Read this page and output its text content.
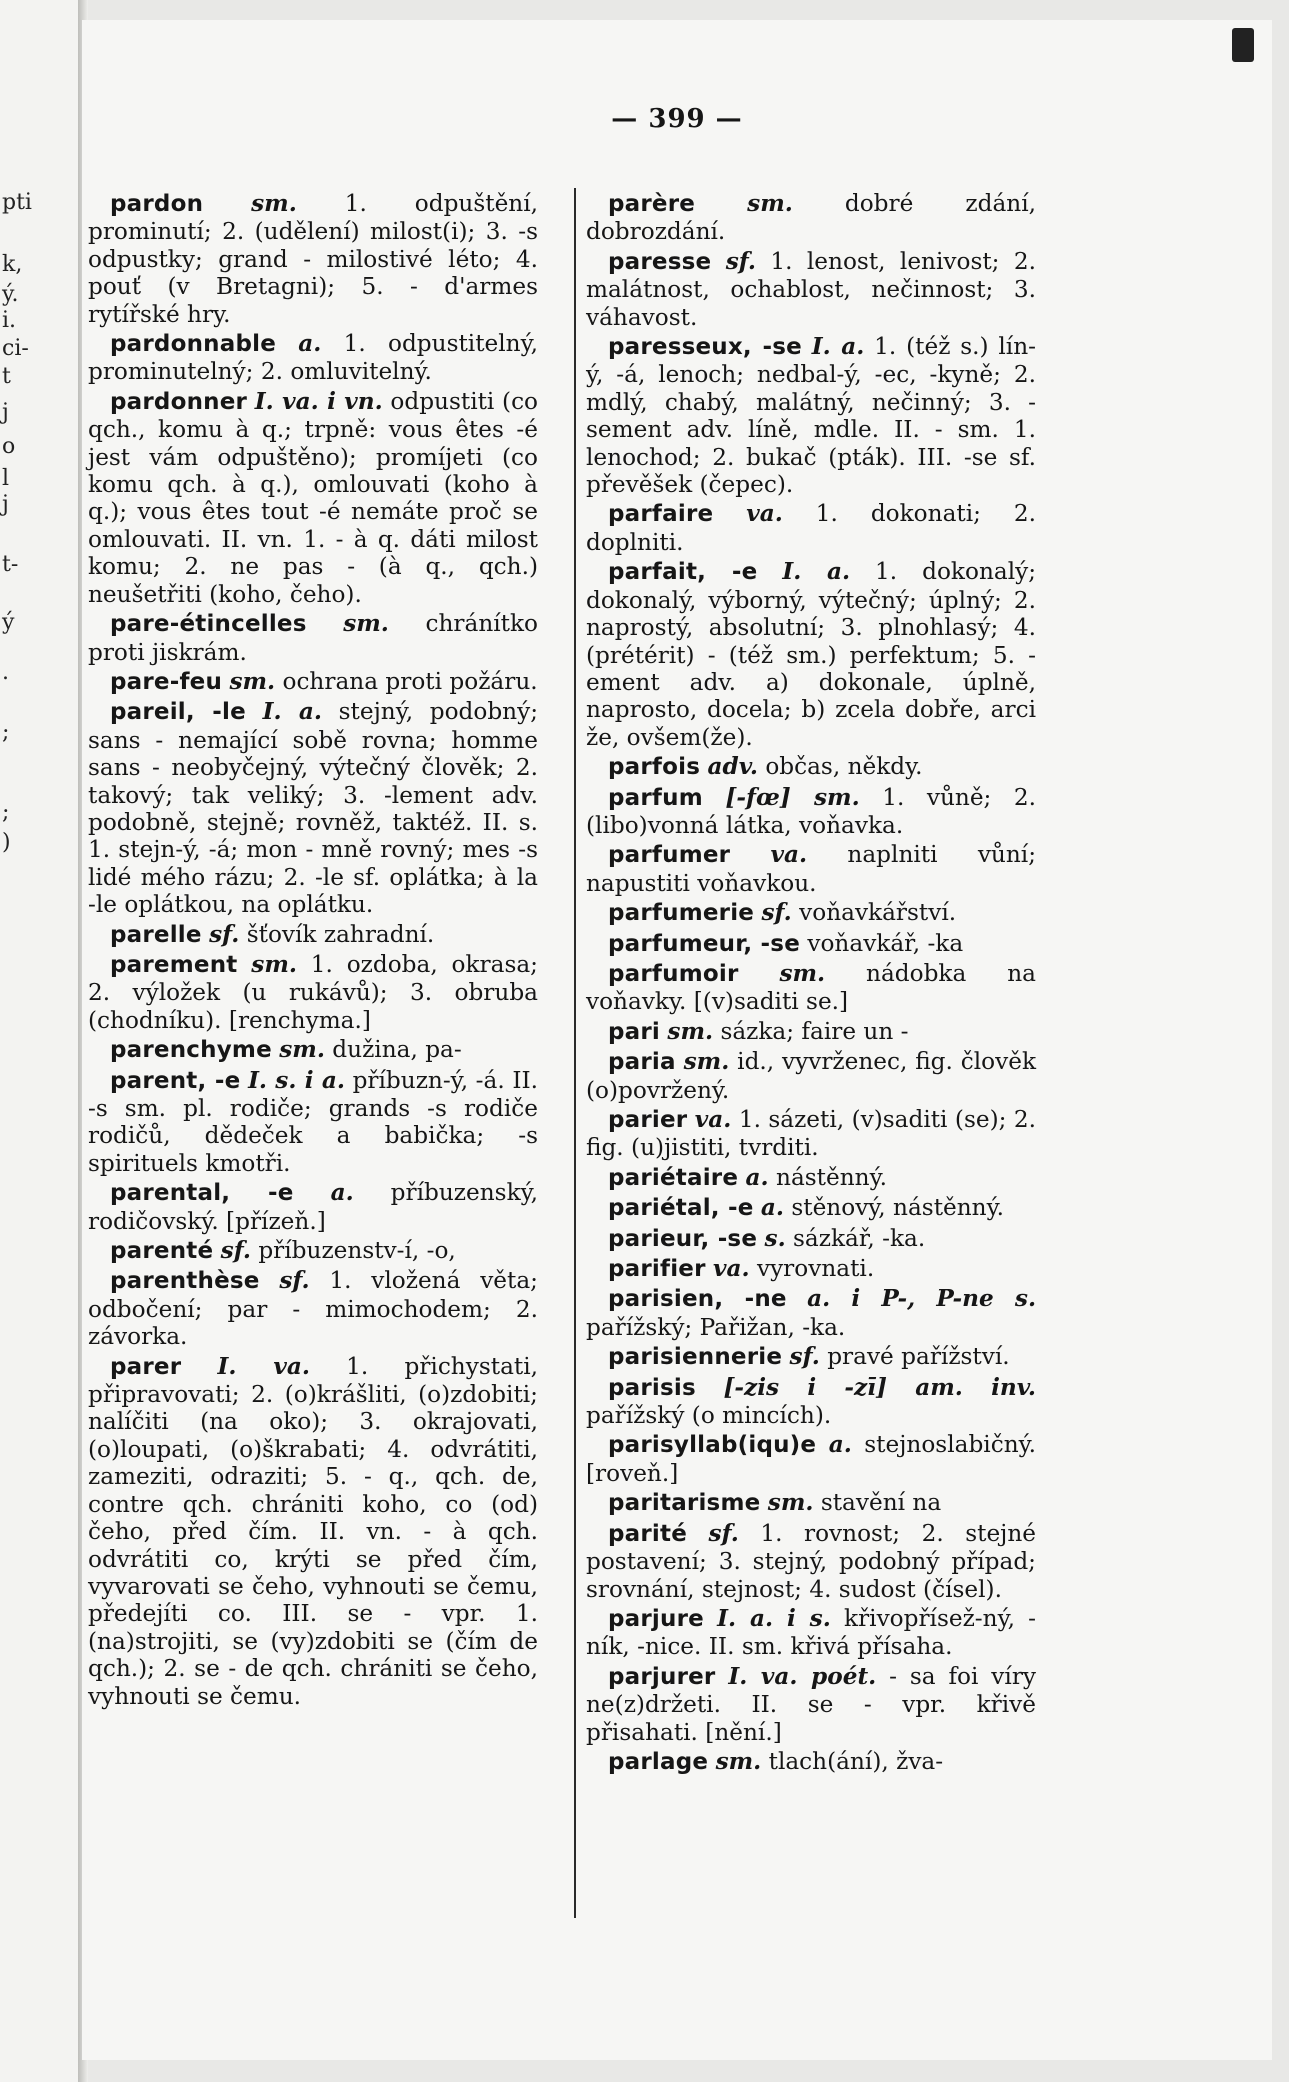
pti
k,
ý.
i.
ci-
t
j
o
l
j
t-
ý
.
;
;
)
— 399 —
pardon sm. 1. odpuštění, prominutí; 2. (udělení) milost(i); 3. -s odpustky; grand - milostivé léto; 4. pouť (v Bretagni); 5. - d'armes rytířské hry.
pardonnable a. 1. odpustitelný, prominutelný; 2. omluvitelný.
pardonner I. va. i vn. odpustiti (co qch., komu à q.; trpně: vous êtes -é jest vám odpuštěno); promíjeti (co komu qch. à q.), omlouvati (koho à q.); vous êtes tout -é nemáte proč se omlouvati. II. vn. 1. - à q. dáti milost komu; 2. ne pas - (à q., qch.) neušetřiti (koho, čeho).
pare-étincelles sm. chránítko proti jiskrám.
pare-feu sm. ochrana proti požáru.
pareil, -le I. a. stejný, podobný; sans - nemající sobě rovna; homme sans - neobyčejný, výtečný člověk; 2. takový; tak veliký; 3. -lement adv. podobně, stejně; rovněž, taktéž. II. s. 1. stejn-ý, -á; mon - mně rovný; mes -s lidé mého rázu; 2. -le sf. oplátka; à la -le oplátkou, na oplátku.
parelle sf. šťovík zahradní.
parement sm. 1. ozdoba, okrasa; 2. výložek (u rukávů); 3. obruba (chodníku). [renchyma.]
parenchyme sm. dužina, pa-
parent, -e I. s. i a. příbuzn-ý, -á. II. -s sm. pl. rodiče; grands -s rodiče rodičů, dědeček a babička; -s spirituels kmotři.
parental, -e a. příbuzenský, rodičovský. [přízeň.]
parenté sf. příbuzenstv-í, -o,
parenthèse sf. 1. vložená věta; odbočení; par - mimochodem; 2. závorka.
parer I. va. 1. přichystati, připravovati; 2. (o)krášliti, (o)zdobiti; nalíčiti (na oko); 3. okrajovati, (o)loupati, (o)škrabati; 4. odvrátiti, zameziti, odraziti; 5. - q., qch. de, contre qch. chrániti koho, co (od) čeho, před čím. II. vn. - à qch. odvrátiti co, krýti se před čím, vyvarovati se čeho, vyhnouti se čemu, předejíti co. III. se - vpr. 1. (na)strojiti, se (vy)zdobiti se (čím de qch.); 2. se - de qch. chrániti se čeho, vyhnouti se čemu.
parère sm. dobré zdání, dobrozdání.
paresse sf. 1. lenost, lenivost; 2. malátnost, ochablost, nečinnost; 3. váhavost.
paresseux, -se I. a. 1. (též s.) lín-ý, -á, lenoch; nedbal-ý, -ec, -kyně; 2. mdlý, chabý, malátný, nečinný; 3. -sement adv. líně, mdle. II. - sm. 1. lenochod; 2. bukač (pták). III. -se sf. převěšek (čepec).
parfaire va. 1. dokonati; 2. doplniti.
parfait, -e I. a. 1. dokonalý; dokonalý, výborný, výtečný; úplný; 2. naprostý, absolutní; 3. plnohlasý; 4. (prétérit) - (též sm.) perfektum; 5. -ement adv. a) dokonale, úplně, naprosto, docela; b) zcela dobře, arci že, ovšem(že).
parfois adv. občas, někdy.
parfum [-fœ] sm. 1. vůně; 2. (libo)vonná látka, voňavka.
parfumer va. naplniti vůní; napustiti voňavkou.
parfumerie sf. voňavkářství.
parfumeur, -se voňavkář, -ka
parfumoir sm. nádobka na voňavky. [(v)saditi se.]
pari sm. sázka; faire un -
paria sm. id., vyvrženec, fig. člověk (o)povržený.
parier va. 1. sázeti, (v)saditi (se); 2. fig. (u)jistiti, tvrditi.
pariétaire a. nástěnný.
pariétal, -e a. stěnový, nástěnný.
parieur, -se s. sázkář, -ka.
parifier va. vyrovnati.
parisien, -ne a. i P-, P-ne s. pařížský; Pařižan, -ka.
parisiennerie sf. pravé pařížství.
parisis [-zis i -zī] am. inv. pařížský (o mincích).
parisyllab(iqu)e a. stejnoslabičný. [roveň.]
paritarisme sm. stavění na
parité sf. 1. rovnost; 2. stejné postavení; 3. stejný, podobný případ; srovnání, stejnost; 4. sudost (čísel).
parjure I. a. i s. křivopřísež-ný, -ník, -nice. II. sm. křivá přísaha.
parjurer I. va. poét. - sa foi víry ne(z)držeti. II. se - vpr. křivě přisahati. [nění.]
parlage sm. tlach(ání), žva-
